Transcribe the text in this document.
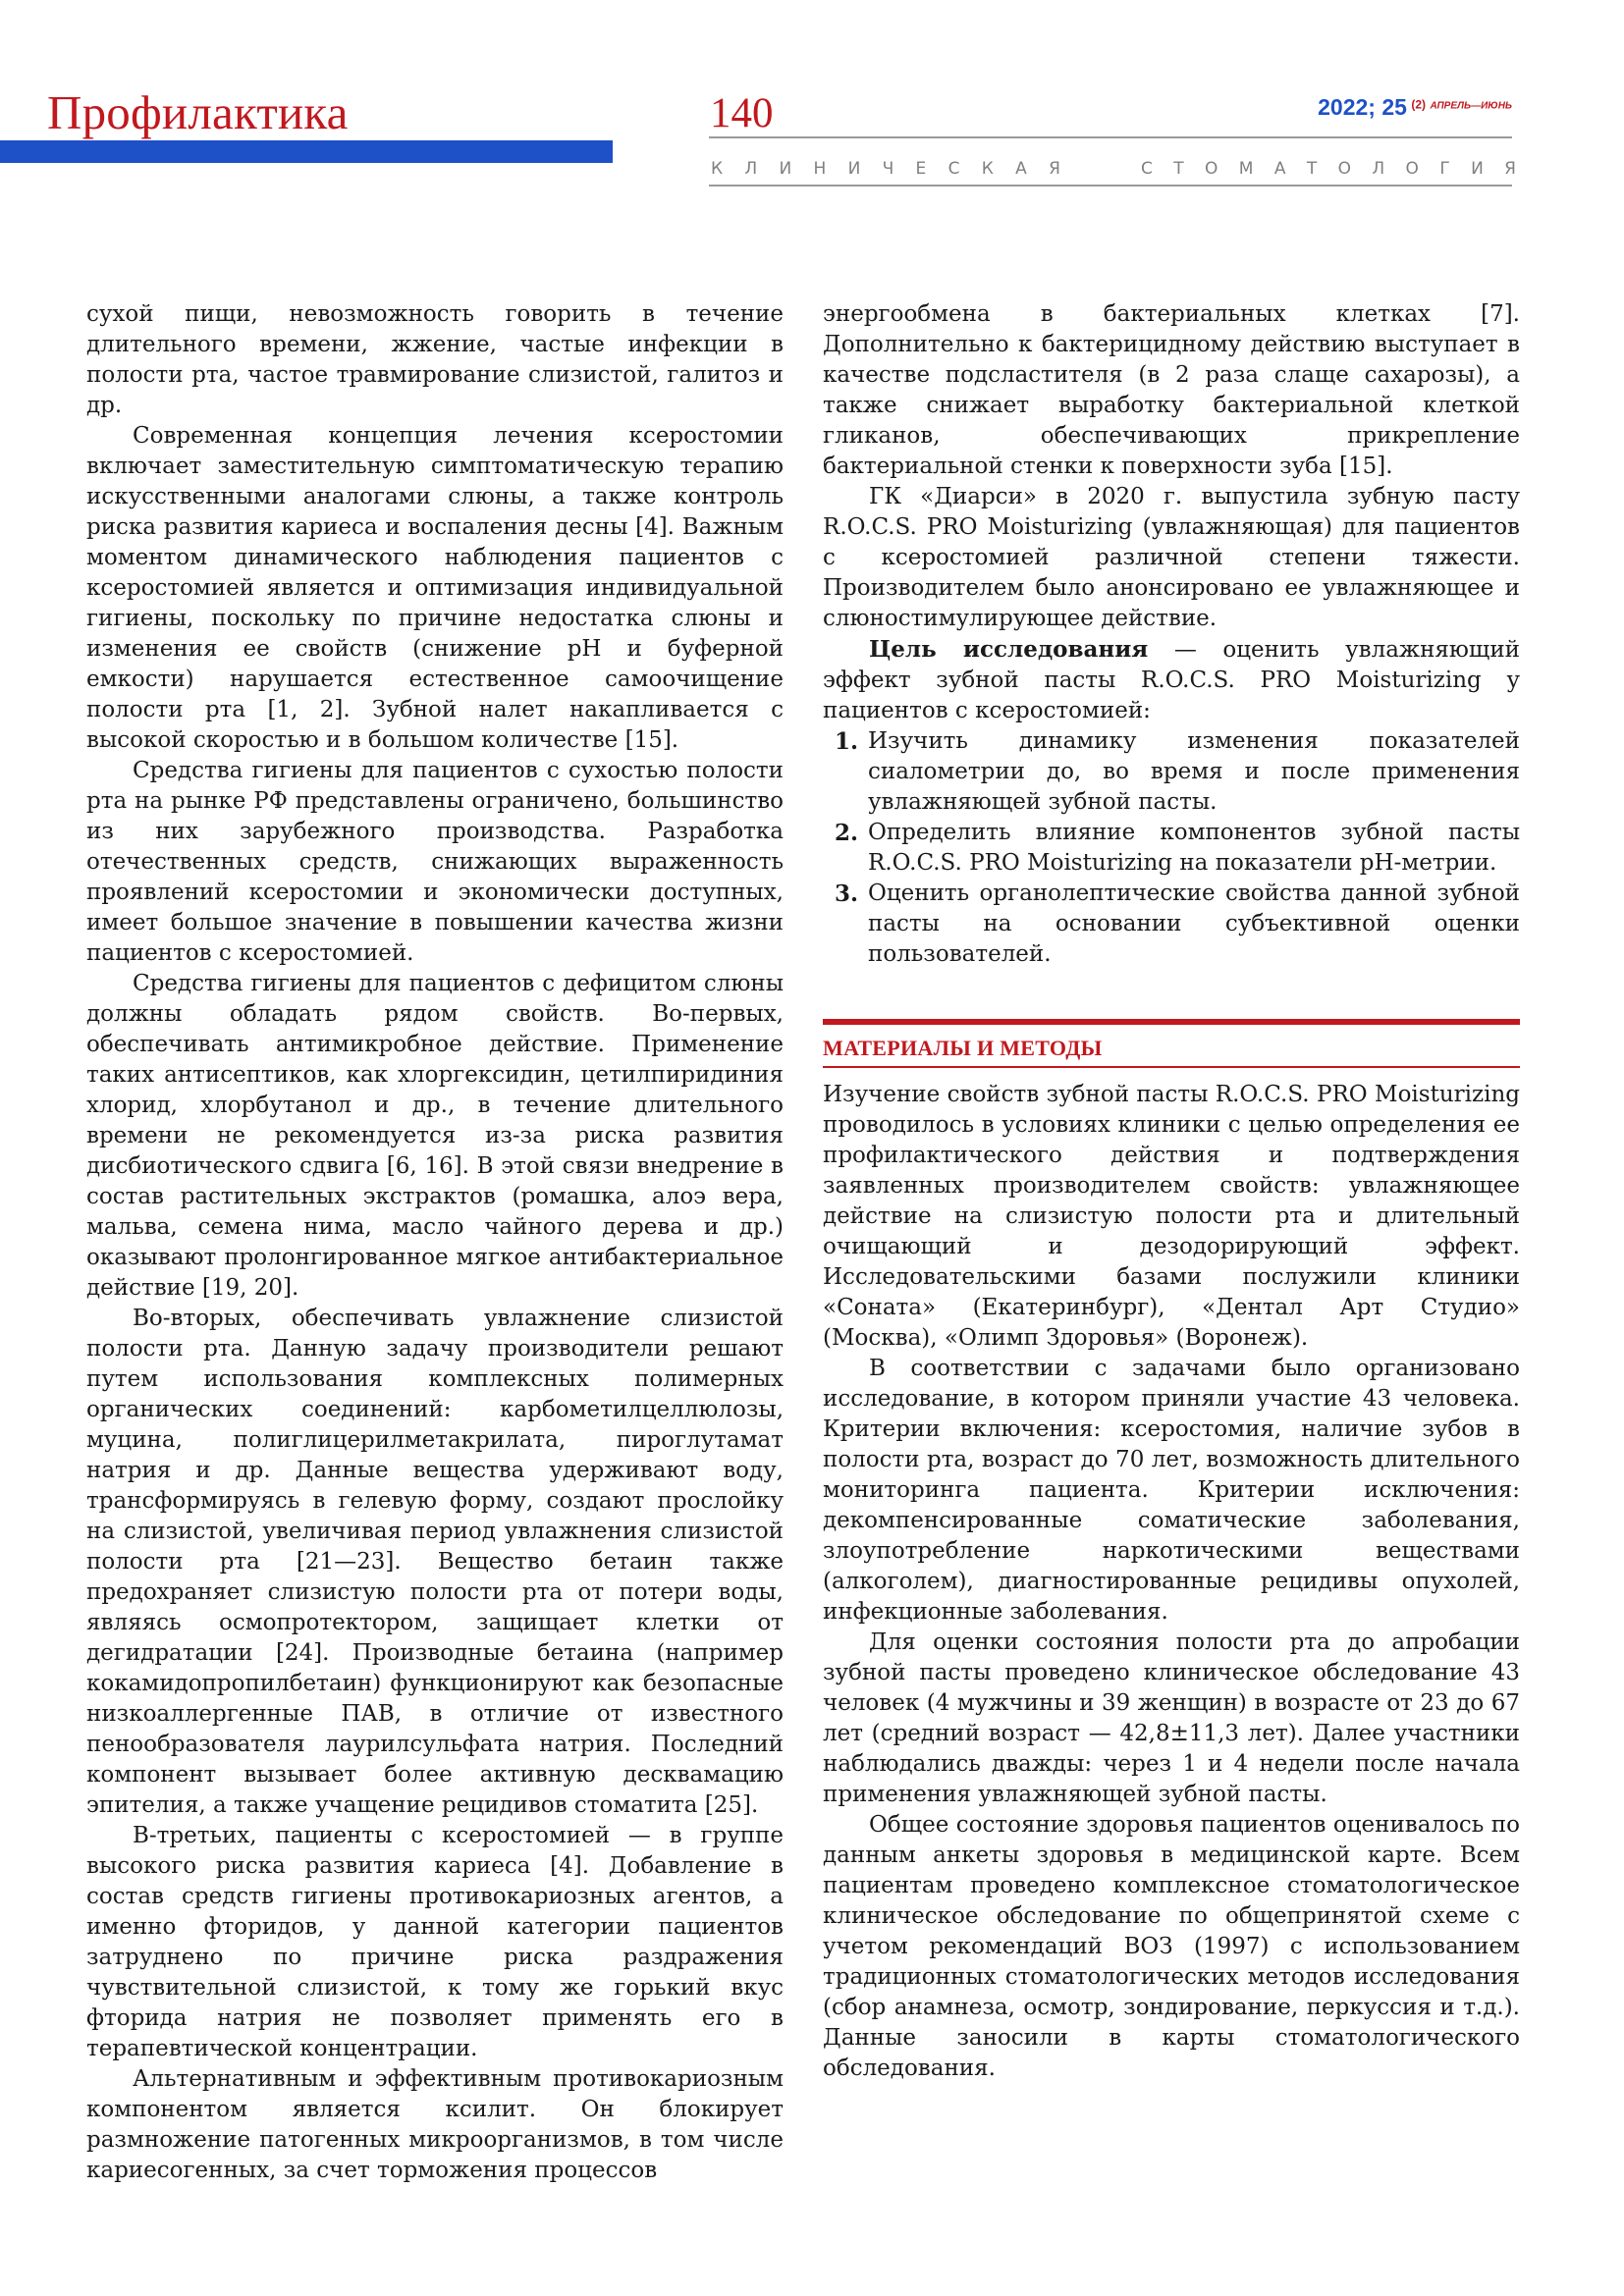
Профилактика	140	2022; 25 $^{(2)}$ $^{АПРЕЛЬ—ИЮНЬ}$
К Л И Н И Ч Е С К А Я	С Т О М А Т О Л О Г И Я

сухой пищи, невозможность говорить в течение длительного времени, жжение, частые инфекции в полости рта, частое травмирование слизистой, галитоз и др.

Современная концепция лечения ксеростомии включает заместительную симптоматическую терапию искусственными аналогами слюны, а также контроль риска развития кариеса и воспаления десны [4]. Важным моментом динамического наблюдения пациентов с ксеростомией является и оптимизация индивидуальной гигиены, поскольку по причине недостатка слюны и изменения ее свойств (снижение pH и буферной емкости) нарушается естественное самоочищение полости рта [1, 2]. Зубной налет накапливается с высокой скоростью и в большом количестве [15].

Средства гигиены для пациентов с сухостью полости рта на рынке РФ представлены ограничено, большинство из них зарубежного производства. Разработка отечественных средств, снижающих выраженность проявлений ксеростомии и экономически доступных, имеет большое значение в повышении качества жизни пациентов с ксеростомией.

Средства гигиены для пациентов с дефицитом слюны должны обладать рядом свойств. Во-первых, обеспечивать антимикробное действие. Применение таких антисептиков, как хлоргексидин, цетилпиридиния хлорид, хлорбутанол и др., в течение длительного времени не рекомендуется из-за риска развития дисбиотического сдвига [6, 16]. В этой связи внедрение в состав растительных экстрактов (ромашка, алоэ вера, мальва, семена нима, масло чайного дерева и др.) оказывают пролонгированное мягкое антибактериальное действие [19, 20].

Во-вторых, обеспечивать увлажнение слизистой полости рта. Данную задачу производители решают путем использования комплексных полимерных органических соединений: карбометилцеллюлозы, муцина, полиглицерилметакрилата, пироглутамат натрия и др. Данные вещества удерживают воду, трансформируясь в гелевую форму, создают прослойку на слизистой, увеличивая период увлажнения слизистой полости рта [21—23]. Вещество бетаин также предохраняет слизистую полости рта от потери воды, являясь осмопротектором, защищает клетки от дегидратации [24]. Производные бетаина (например кокамидопропилбетаин) функционируют как безопасные низкоаллергенные ПАВ, в отличие от известного пенообразователя лаурилсульфата натрия. Последний компонент вызывает более активную десквамацию эпителия, а также учащение рецидивов стоматита [25].

В-третьих, пациенты с ксеростомией — в группе высокого риска развития кариеса [4]. Добавление в состав средств гигиены противокариозных агентов, а именно фторидов, у данной категории пациентов затруднено по причине риска раздражения чувствительной слизистой, к тому же горький вкус фторида натрия не позволяет применять его в терапевтической концентрации.

Альтернативным и эффективным противокариозным компонентом является ксилит. Он блокирует размножение патогенных микроорганизмов, в том числе кариесогенных, за счет торможения процессов

энергообмена в бактериальных клетках [7]. Дополнительно к бактерицидному действию выступает в качестве подсластителя (в 2 раза слаще сахарозы), а также снижает выработку бактериальной клеткой гликанов, обеспечивающих прикрепление бактериальной стенки к поверхности зуба [15].

ГК «Диарси» в 2020 г. выпустила зубную пасту R.O.C.S. PRO Moisturizing (увлажняющая) для пациентов с ксеростомией различной степени тяжести. Производителем было анонсировано ее увлажняющее и слюностимулирующее действие.

Цель исследования — оценить увлажняющий эффект зубной пасты R.O.C.S. PRO Moisturizing у пациентов с ксеростомией:

1. Изучить динамику изменения показателей сиалометрии до, во время и после применения увлажняющей зубной пасты.
2. Определить влияние компонентов зубной пасты R.O.C.S. PRO Moisturizing на показатели pH-метрии.
3. Оценить органолептические свойства данной зубной пасты на основании субъективной оценки пользователей.
МАТЕРИАЛЫ И МЕТОДЫ

Изучение свойств зубной пасты R.O.C.S. PRO Moisturizing проводилось в условиях клиники с целью определения ее профилактического действия и подтверждения заявленных производителем свойств: увлажняющее действие на слизистую полости рта и длительный очищающий и дезодорирующий эффект. Исследовательскими базами послужили клиники «Соната» (Екатеринбург), «Дентал Арт Студио» (Москва), «Олимп Здоровья» (Воронеж).

В соответствии с задачами было организовано исследование, в котором приняли участие 43 человека. Критерии включения: ксеростомия, наличие зубов в полости рта, возраст до 70 лет, возможность длительного мониторинга пациента. Критерии исключения: декомпенсированные соматические заболевания, злоупотребление наркотическими веществами (алкоголем), диагностированные рецидивы опухолей, инфекционные заболевания.

Для оценки состояния полости рта до апробации зубной пасты проведено клиническое обследование 43 человек (4 мужчины и 39 женщин) в возрасте от 23 до 67 лет (средний возраст — 42,8±11,3 лет). Далее участники наблюдались дважды: через 1 и 4 недели после начала применения увлажняющей зубной пасты.

Общее состояние здоровья пациентов оценивалось по данным анкеты здоровья в медицинской карте. Всем пациентам проведено комплексное стоматологическое клиническое обследование по общепринятой схеме с учетом рекомендаций ВОЗ (1997) с использованием традиционных стоматологических методов исследования (сбор анамнеза, осмотр, зондирование, перкуссия и т.д.). Данные заносили в карты стоматологического обследования.
